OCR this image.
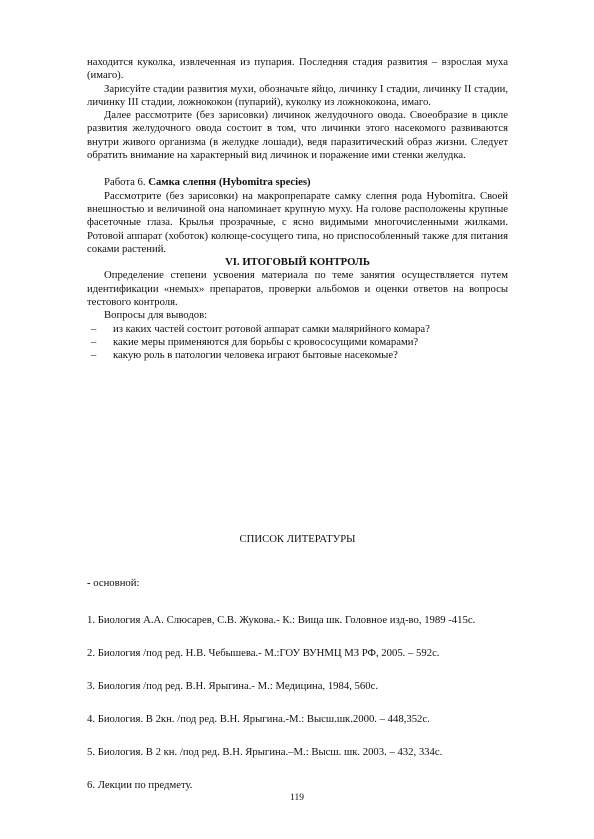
находится куколка, извлеченная из пупария. Последняя стадия развития – взрослая муха (имаго).

Зарисуйте стадии развития мухи, обозначьте яйцо, личинку I стадии, личинку II стадии, личинку III стадии, ложнококон (пупарий), куколку из ложнококона, имаго.

Далее рассмотрите (без зарисовки) личинок желудочного овода. Своеобразие в цикле развития желудочного овода состоит в том, что личинки этого насекомого развиваются внутри живого организма (в желудке лошади), ведя паразитический образ жизни. Следует обратить внимание на характерный вид личинок и поражение ими стенки желудка.

Работа 6. Самка слепня (Hybomitra species)

Рассмотрите (без зарисовки) на макропрепарате самку слепня рода Hybomitra. Своей внешностью и величиной она напоминает крупную муху. На голове расположены крупные фасеточные глаза. Крылья прозрачные, с ясно видимыми многочисленными жилками. Ротовой аппарат (хоботок) колюще-сосущего типа, но приспособленный также для питания соками растений.

VI. ИТОГОВЫЙ КОНТРОЛЬ

Определение степени усвоения материала по теме занятия осуществляется путем идентификации «немых» препаратов, проверки альбомов и оценки ответов на вопросы тестового контроля.

Вопросы для выводов:

– из каких частей состоит ротовой аппарат самки малярийного комара?
– какие меры применяются для борьбы с кровососущими комарами?
– какую роль в патологии человека играют бытовые насекомые?
СПИСОК ЛИТЕРАТУРЫ
- основной:
1. Биология А.А. Слюсарев, С.В. Жукова.- К.: Вища шк. Головное изд-во, 1989 -415с.
2. Биология /под ред. Н.В. Чебышева.- М.:ГОУ ВУНМЦ МЗ РФ, 2005. – 592с.
3. Биология /под ред. В.Н. Ярыгина.- М.: Медицина, 1984, 560с.
4. Биология. В 2кн. /под ред. В.Н. Ярыгина.-М.: Высш.шк.2000. – 448,352с.
5. Биология. В 2 кн. /под ред. В.Н. Ярыгина.–М.: Высш. шк. 2003. – 432, 334с.
6. Лекции по предмету.
119
